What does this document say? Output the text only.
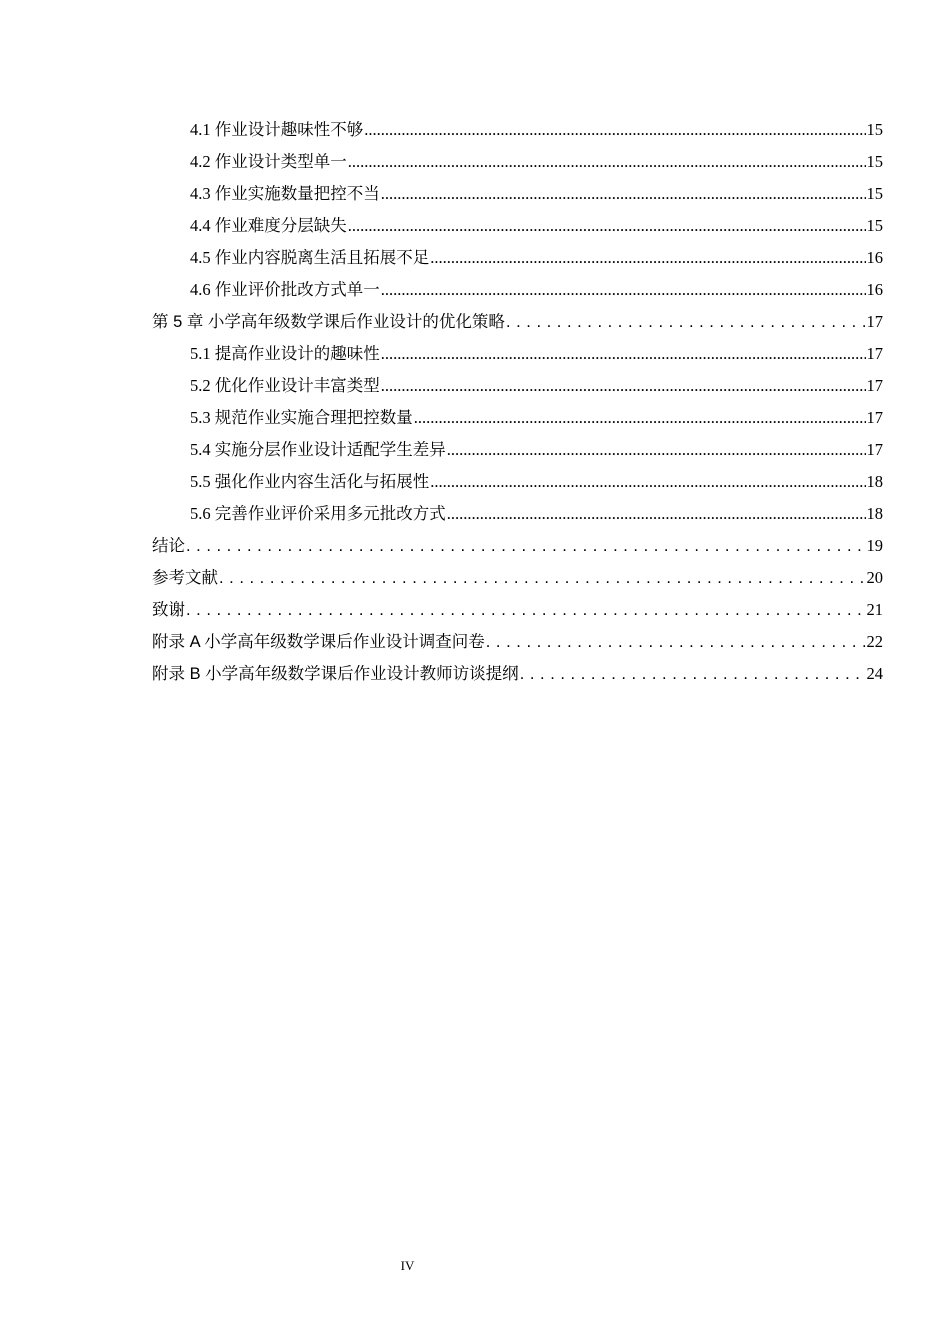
4.1 作业设计趣味性不够 .....	15
4.2 作业设计类型单一 .....	15
4.3 作业实施数量把控不当 .....	15
4.4 作业难度分层缺失 .....	15
4.5 作业内容脱离生活且拓展不足 .....	16
4.6 作业评价批改方式单一 .....	16
第 5 章 小学高年级数学课后作业设计的优化策略 . . .	17
5.1 提高作业设计的趣味性 .....	17
5.2 优化作业设计丰富类型 .....	17
5.3 规范作业实施合理把控数量 .....	17
5.4 实施分层作业设计适配学生差异 .....	17
5.5 强化作业内容生活化与拓展性 .....	18
5.6 完善作业评价采用多元批改方式 .....	18
结论 . . .	19
参考文献 . . .	20
致谢 . . .	21
附录 A 小学高年级数学课后作业设计调查问卷 . . .	22
附录 B 小学高年级数学课后作业设计教师访谈提纲 . . .	24
IV
